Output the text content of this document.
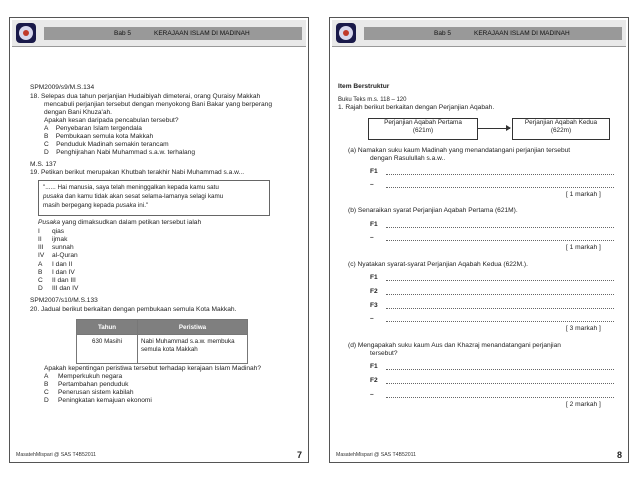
Bab 5	KERAJAAN ISLAM DI MADINAH
SPM2009/s9/M.S.134
18. Selepas dua tahun perjanjian Hudaibiyah dimeterai, orang Quraisy Makkah
mencabuli perjanjian tersebut dengan menyokong Bani Bakar yang berperang
dengan Bani Khuza'ah.
Apakah kesan daripada pencabulan tersebut?
A Penyebaran Islam tergendala
B Pembukaan semula kota Makkah
C Penduduk Madinah semakin terancam
D Penghijrahan Nabi Muhammad s.a.w. terhalang
M.S. 137
19. Petikan berikut merupakan Khutbah terakhir Nabi Muhammad s.a.w...
"...... Hai manusia, saya telah meninggalkan kepada kamu satu
pusaka dan kamu tidak akan sesat selama-lamanya selagi kamu
masih berpegang kepada pusaka ini."
Pusaka yang dimaksudkan dalam petikan tersebut ialah
I qias
II ijmak
III sunnah
IV al-Quran
A I dan II
B I dan IV
C II dan III
D III dan IV
SPM2007/s10/M.S.133
20. Jadual berikut berkaitan dengan pembukaan semula Kota Makkah.
Tahun	Peristiwa
630 Masihi	Nabi Muhammad s.a.w. membuka
semula kota Makkah
Apakah kepentingan peristiwa tersebut terhadap kerajaan Islam Madinah?
A Memperkukuh negara
B Pertambahan penduduk
C Penerusan sistem kabilah
D Peningkatan kemajuan ekonomi
MasatehMispari @ SAS T4B52011	7
Bab 5	KERAJAAN ISLAM DI MADINAH
Item Berstruktur
Buku Teks m.s. 118 – 120
1. Rajah berikut berkaitan dengan Perjanjian Aqabah.
Perjanjian Aqabah Pertama
(621m)
Perjanjian Aqabah Kedua
(622m)
(a) Namakan suku kaum Madinah yang menandatangani perjanjian tersebut
dengan Rasulullah s.a.w..
F1
–
[ 1 markah ]
(b) Senaraikan syarat Perjanjian Aqabah Pertama (621M).
F1
–
[ 1 markah ]
(c) Nyatakan syarat-syarat Perjanjian Aqabah Kedua (622M.).
F1
F2
F3
–
[ 3 markah ]
(d) Mengapakah suku kaum Aus dan Khazraj menandatangani perjanjian
tersebut?
F1
F2
–
[ 2 markah ]
MasatehMispari @ SAS T4B52011	8
